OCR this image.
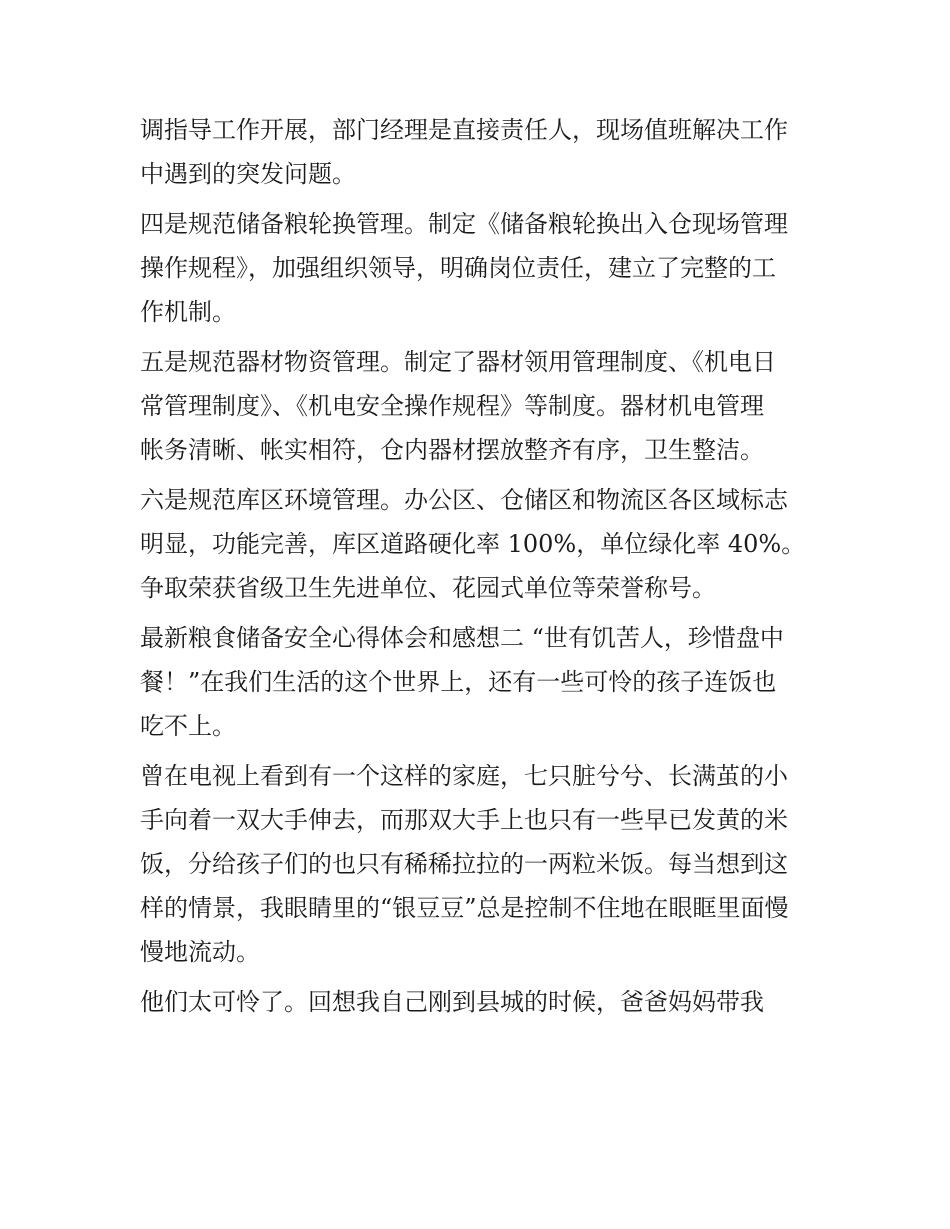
调指导工作开展，部门经理是直接责任人，现场值班解决工作
中遇到的突发问题。
四是规范储备粮轮换管理。制定《储备粮轮换出入仓现场管理
操作规程》，加强组织领导，明确岗位责任，建立了完整的工
作机制。
五是规范器材物资管理。制定了器材领用管理制度、《机电日
常管理制度》、《机电安全操作规程》等制度。器材机电管理
帐务清晰、帐实相符，仓内器材摆放整齐有序，卫生整洁。
六是规范库区环境管理。办公区、仓储区和物流区各区域标志
明显，功能完善，库区道路硬化率 100%，单位绿化率 40%。
争取荣获省级卫生先进单位、花园式单位等荣誉称号。
最新粮食储备安全心得体会和感想二 “世有饥苦人，珍惜盘中
餐！”在我们生活的这个世界上，还有一些可怜的孩子连饭也
吃不上。
曾在电视上看到有一个这样的家庭，七只脏兮兮、长满茧的小
手向着一双大手伸去，而那双大手上也只有一些早已发黄的米
饭，分给孩子们的也只有稀稀拉拉的一两粒米饭。每当想到这
样的情景，我眼睛里的“银豆豆”总是控制不住地在眼眶里面慢
慢地流动。
他们太可怜了。回想我自己刚到县城的时候，爸爸妈妈带我
